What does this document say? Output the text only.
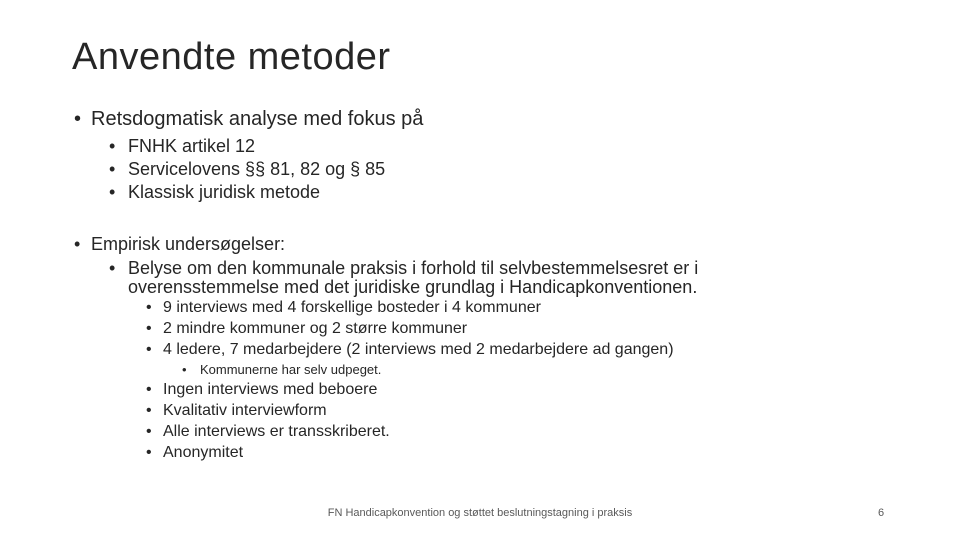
Anvendte metoder
• Retsdogmatisk analyse med fokus på
• FNHK artikel 12
• Servicelovens §§ 81, 82 og § 85
• Klassisk juridisk metode
• Empirisk undersøgelser:
• Belyse om den kommunale praksis i forhold til selvbestemmelsesret er i
overensstemmelse med det juridiske grundlag i Handicapkonventionen.
• 9 interviews med 4 forskellige bosteder i 4 kommuner
• 2 mindre kommuner og 2 større kommuner
• 4 ledere, 7 medarbejdere (2 interviews med 2 medarbejdere ad gangen)
• Kommunerne har selv udpeget.
• Ingen interviews med beboere
• Kvalitativ interviewform
• Alle interviews er transskriberet.
• Anonymitet
FN Handicapkonvention og støttet beslutningstagning i praksis	6
